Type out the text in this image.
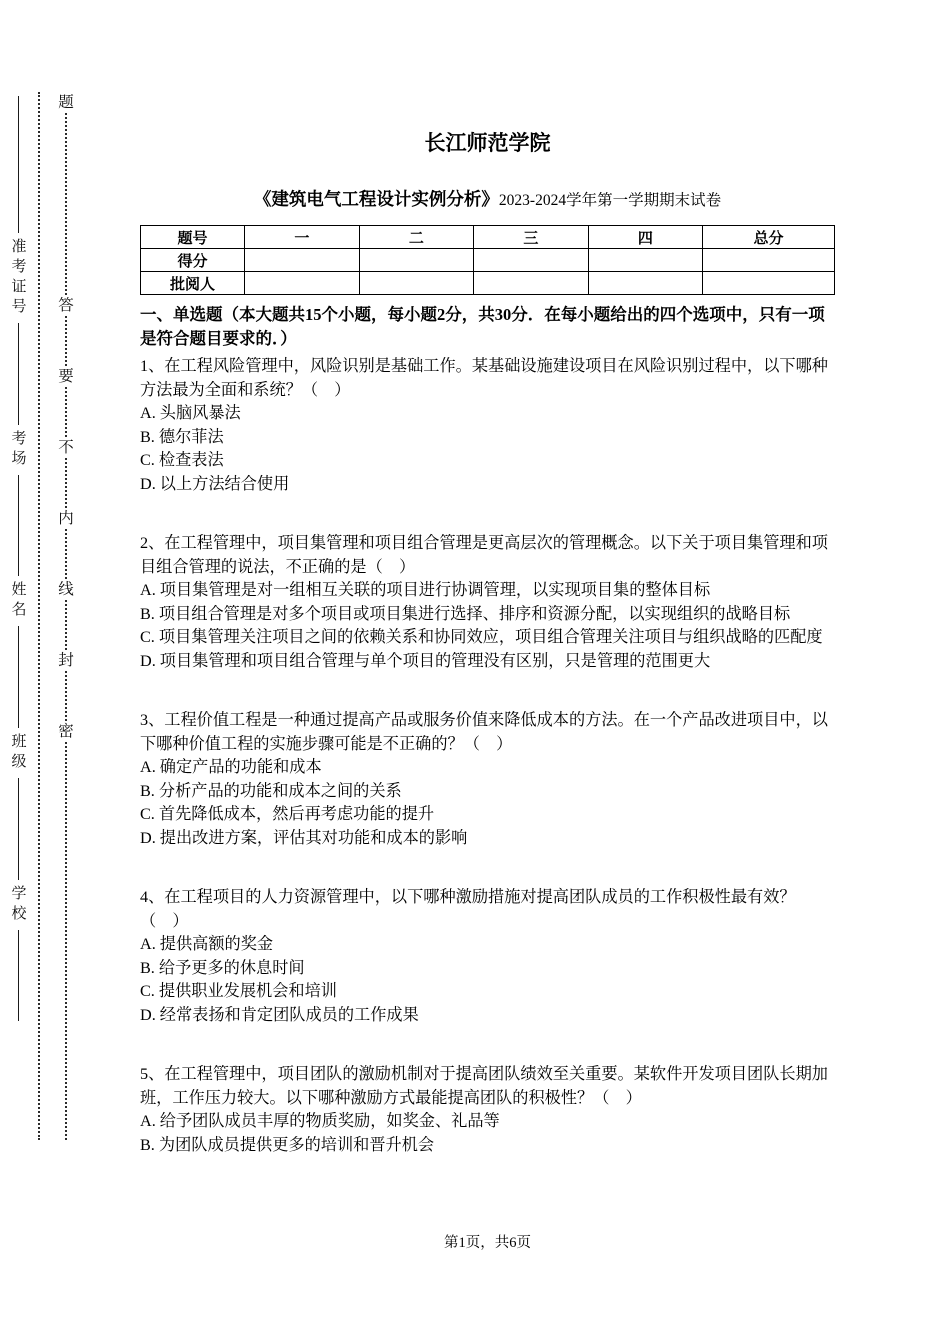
准考证号
考场
姓名
班级
学校
题
答
要
不
内
线
封
密
长江师范学院
《建筑电气工程设计实例分析》2023-2024学年第一学期期末试卷
题号	一	二	三	四	总分
得分					
批阅人					
一、单选题（本大题共15个小题，每小题2分，共30分．在每小题给出的四个选项中，只有一项是符合题目要求的．）
1、在工程风险管理中，风险识别是基础工作。某基础设施建设项目在风险识别过程中，以下哪种方法最为全面和系统？（　）
A. 头脑风暴法
B. 德尔菲法
C. 检查表法
D. 以上方法结合使用
2、在工程管理中，项目集管理和项目组合管理是更高层次的管理概念。以下关于项目集管理和项目组合管理的说法，不正确的是（　）
A. 项目集管理是对一组相互关联的项目进行协调管理，以实现项目集的整体目标
B. 项目组合管理是对多个项目或项目集进行选择、排序和资源分配，以实现组织的战略目标
C. 项目集管理关注项目之间的依赖关系和协同效应，项目组合管理关注项目与组织战略的匹配度
D. 项目集管理和项目组合管理与单个项目的管理没有区别，只是管理的范围更大
3、工程价值工程是一种通过提高产品或服务价值来降低成本的方法。在一个产品改进项目中，以下哪种价值工程的实施步骤可能是不正确的？（　）
A. 确定产品的功能和成本
B. 分析产品的功能和成本之间的关系
C. 首先降低成本，然后再考虑功能的提升
D. 提出改进方案，评估其对功能和成本的影响
4、在工程项目的人力资源管理中，以下哪种激励措施对提高团队成员的工作积极性最有效？（　）
A. 提供高额的奖金
B. 给予更多的休息时间
C. 提供职业发展机会和培训
D. 经常表扬和肯定团队成员的工作成果
5、在工程管理中，项目团队的激励机制对于提高团队绩效至关重要。某软件开发项目团队长期加班，工作压力较大。以下哪种激励方式最能提高团队的积极性？（　）
A. 给予团队成员丰厚的物质奖励，如奖金、礼品等
B. 为团队成员提供更多的培训和晋升机会
第1页，共6页
